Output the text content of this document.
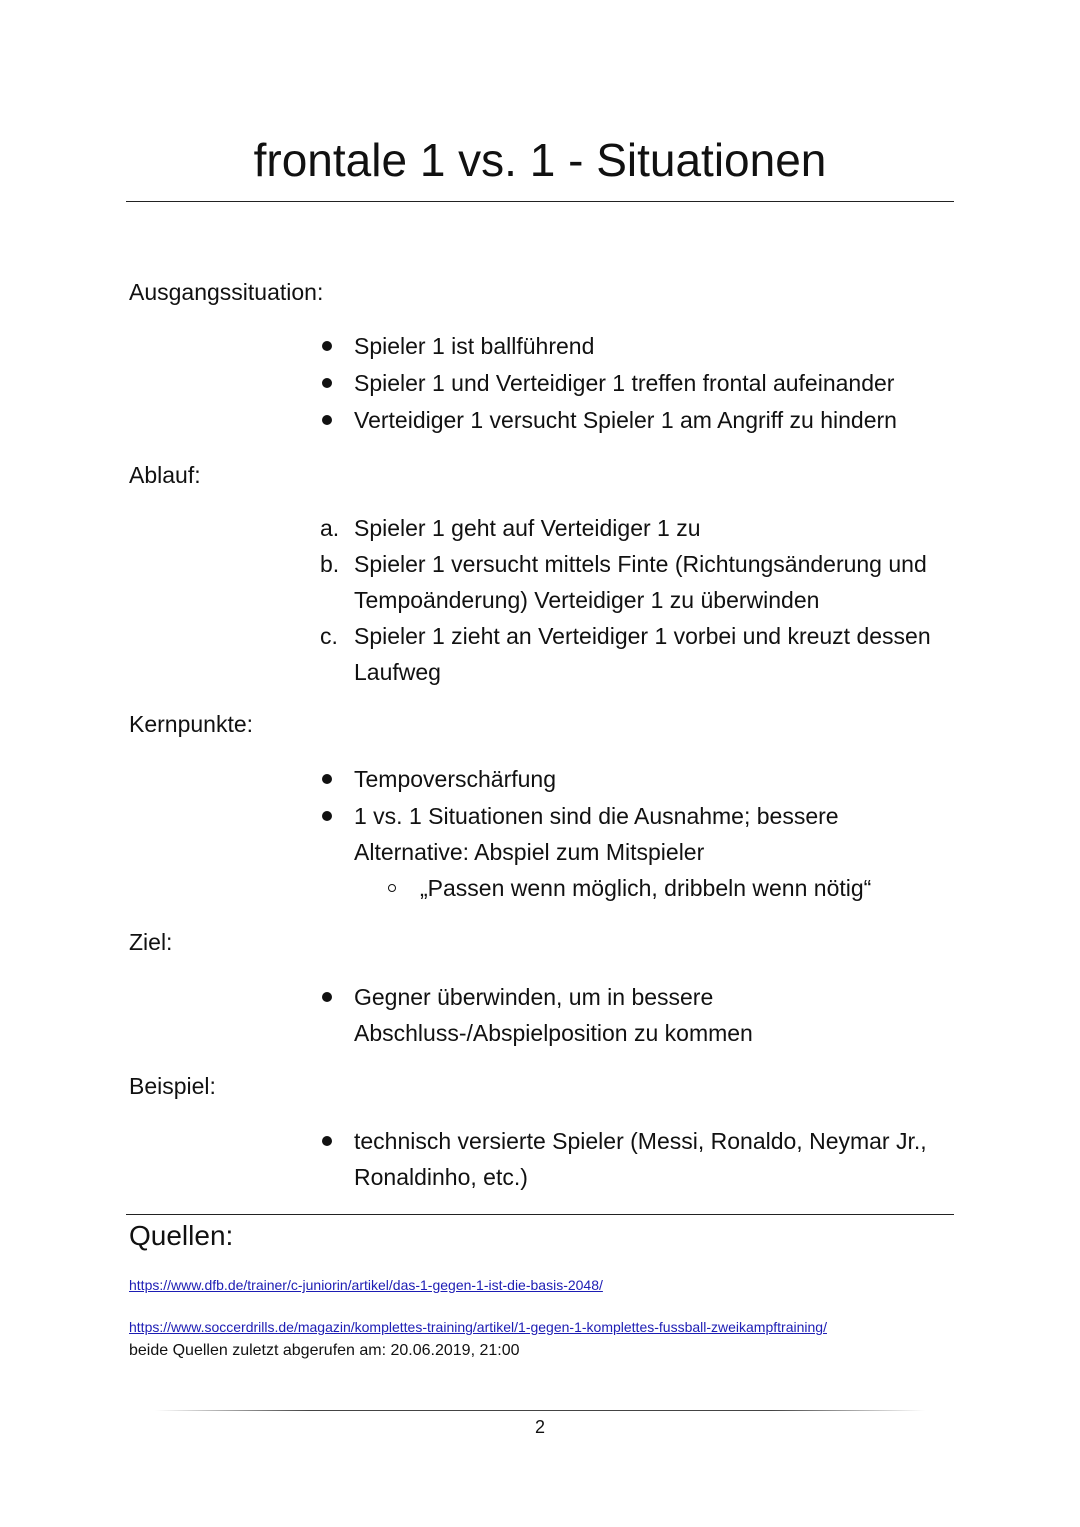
frontale 1 vs. 1 - Situationen
Ausgangssituation:
Spieler 1 ist ballführend
Spieler 1 und Verteidiger 1 treffen frontal aufeinander
Verteidiger 1 versucht Spieler 1 am Angriff zu hindern
Ablauf:
a. Spieler 1 geht auf Verteidiger 1 zu
b. Spieler 1 versucht mittels Finte (Richtungsänderung und Tempoänderung) Verteidiger 1 zu überwinden
c. Spieler 1 zieht an Verteidiger 1 vorbei und kreuzt dessen Laufweg
Kernpunkte:
Tempoverschärfung
1 vs. 1 Situationen sind die Ausnahme; bessere Alternative: Abspiel zum Mitspieler
„Passen wenn möglich, dribbeln wenn nötig“
Ziel:
Gegner überwinden, um in bessere Abschluss-/Abspielposition zu kommen
Beispiel:
technisch versierte Spieler (Messi, Ronaldo, Neymar Jr., Ronaldinho, etc.)
Quellen:
https://www.dfb.de/trainer/c-juniorin/artikel/das-1-gegen-1-ist-die-basis-2048/
https://www.soccerdrills.de/magazin/komplettes-training/artikel/1-gegen-1-komplettes-fussball-zweikampftraining/
beide Quellen zuletzt abgerufen am: 20.06.2019, 21:00
2
